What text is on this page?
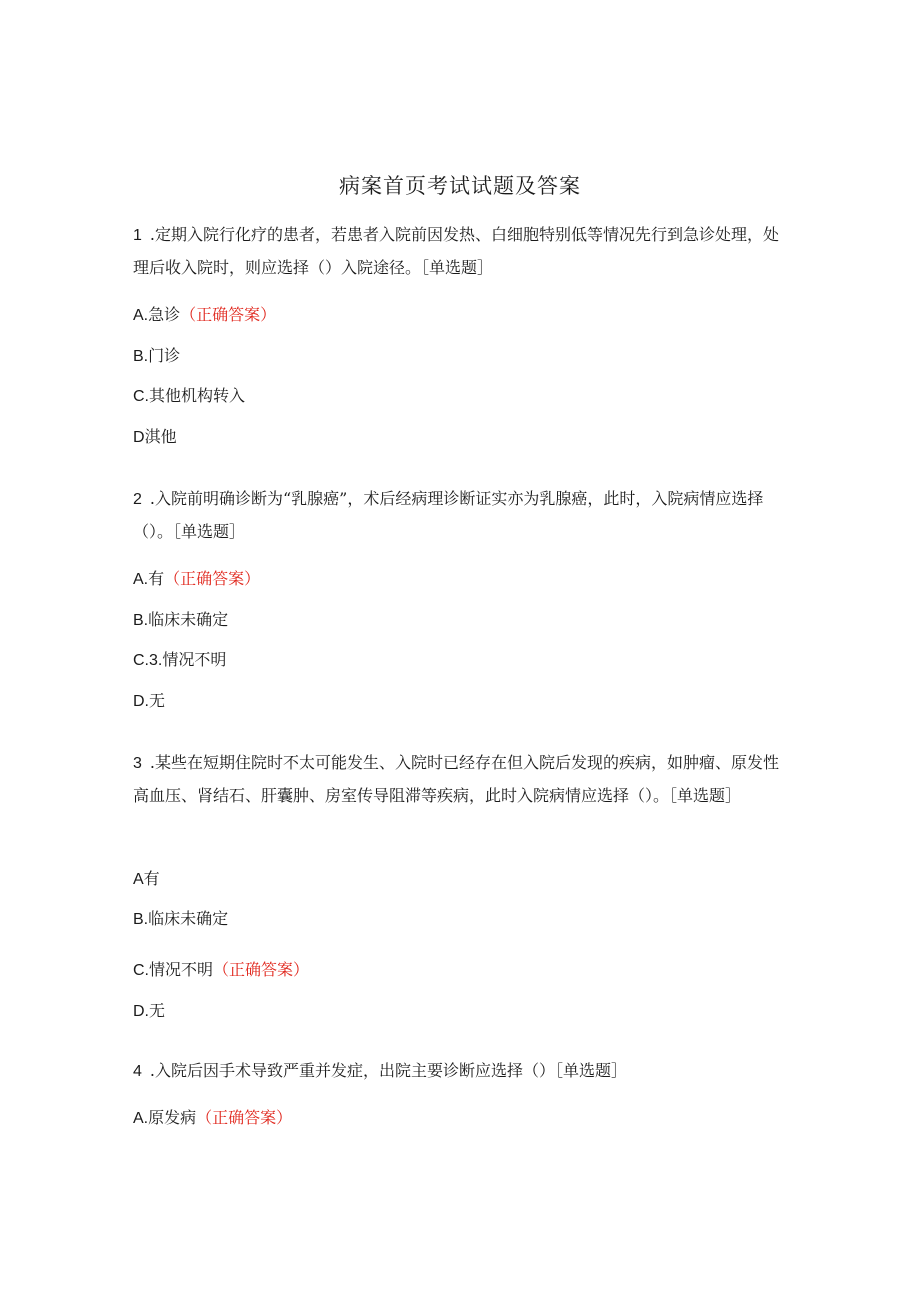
病案首页考试试题及答案
1 .定期入院行化疗的患者，若患者入院前因发热、白细胞特别低等情况先行到急诊处理，处理后收入院时，则应选择（）入院途径。［单选题］
A.急诊（正确答案）
B.门诊
C.其他机构转入
D淇他
2 .入院前明确诊断为“乳腺癌”，术后经病理诊断证实亦为乳腺癌，此时，入院病情应选择（）。［单选题］
A.有（正确答案）
B.临床未确定
C.3.情况不明
D.无
3 .某些在短期住院时不太可能发生、入院时已经存在但入院后发现的疾病，如肿瘤、原发性高血压、肾结石、肝囊肿、房室传导阻滞等疾病，此时入院病情应选择（）。［单选题］
A有
B.临床未确定
C.情况不明（正确答案）
D.无
4 .入院后因手术导致严重并发症，出院主要诊断应选择（）［单选题］
A.原发病（正确答案）
